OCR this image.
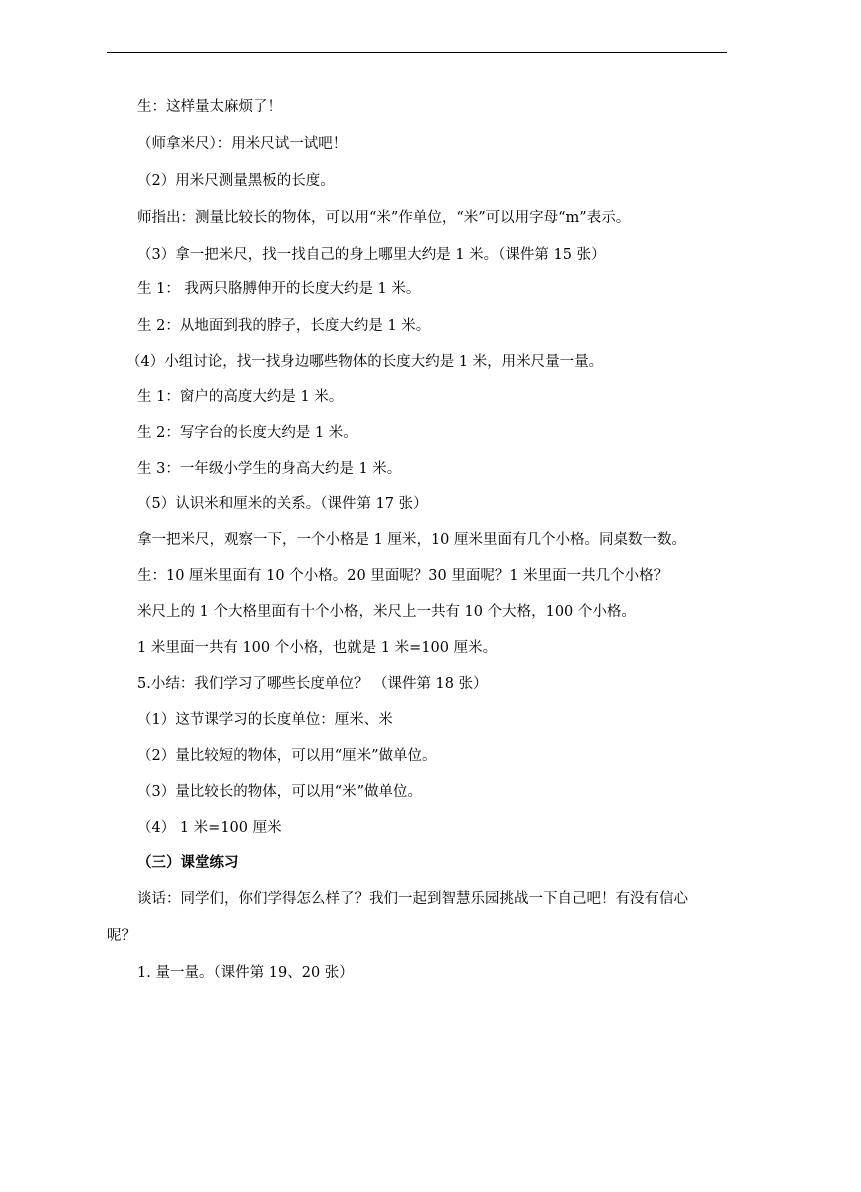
生：这样量太麻烦了！
（师拿米尺）：用米尺试一试吧！
（2）用米尺测量黑板的长度。
师指出：测量比较长的物体，可以用“米”作单位，“米”可以用字母“m”表示。
（3）拿一把米尺，找一找自己的身上哪里大约是 1 米。（课件第 15 张）
生 1： 我两只胳膊伸开的长度大约是 1 米。
生 2：从地面到我的脖子，长度大约是 1 米。
（4）小组讨论，找一找身边哪些物体的长度大约是 1 米，用米尺量一量。
生 1：窗户的高度大约是 1 米。
生 2：写字台的长度大约是 1 米。
生 3：一年级小学生的身高大约是 1 米。
（5）认识米和厘米的关系。（课件第 17 张）
拿一把米尺，观察一下，一个小格是 1 厘米，10 厘米里面有几个小格。同桌数一数。
生：10 厘米里面有 10 个小格。20 里面呢？30 里面呢？1 米里面一共几个小格？
米尺上的 1 个大格里面有十个小格，米尺上一共有 10 个大格，100 个小格。
1 米里面一共有 100 个小格，也就是 1 米=100 厘米。
5.小结：我们学习了哪些长度单位？ （课件第 18 张）
（1）这节课学习的长度单位：厘米、米
（2）量比较短的物体，可以用“厘米”做单位。
（3）量比较长的物体，可以用“米”做单位。
（4） 1 米=100 厘米
（三）课堂练习
谈话：同学们，你们学得怎么样了？我们一起到智慧乐园挑战一下自己吧！有没有信心
呢？
1. 量一量。（课件第 19、20 张）
